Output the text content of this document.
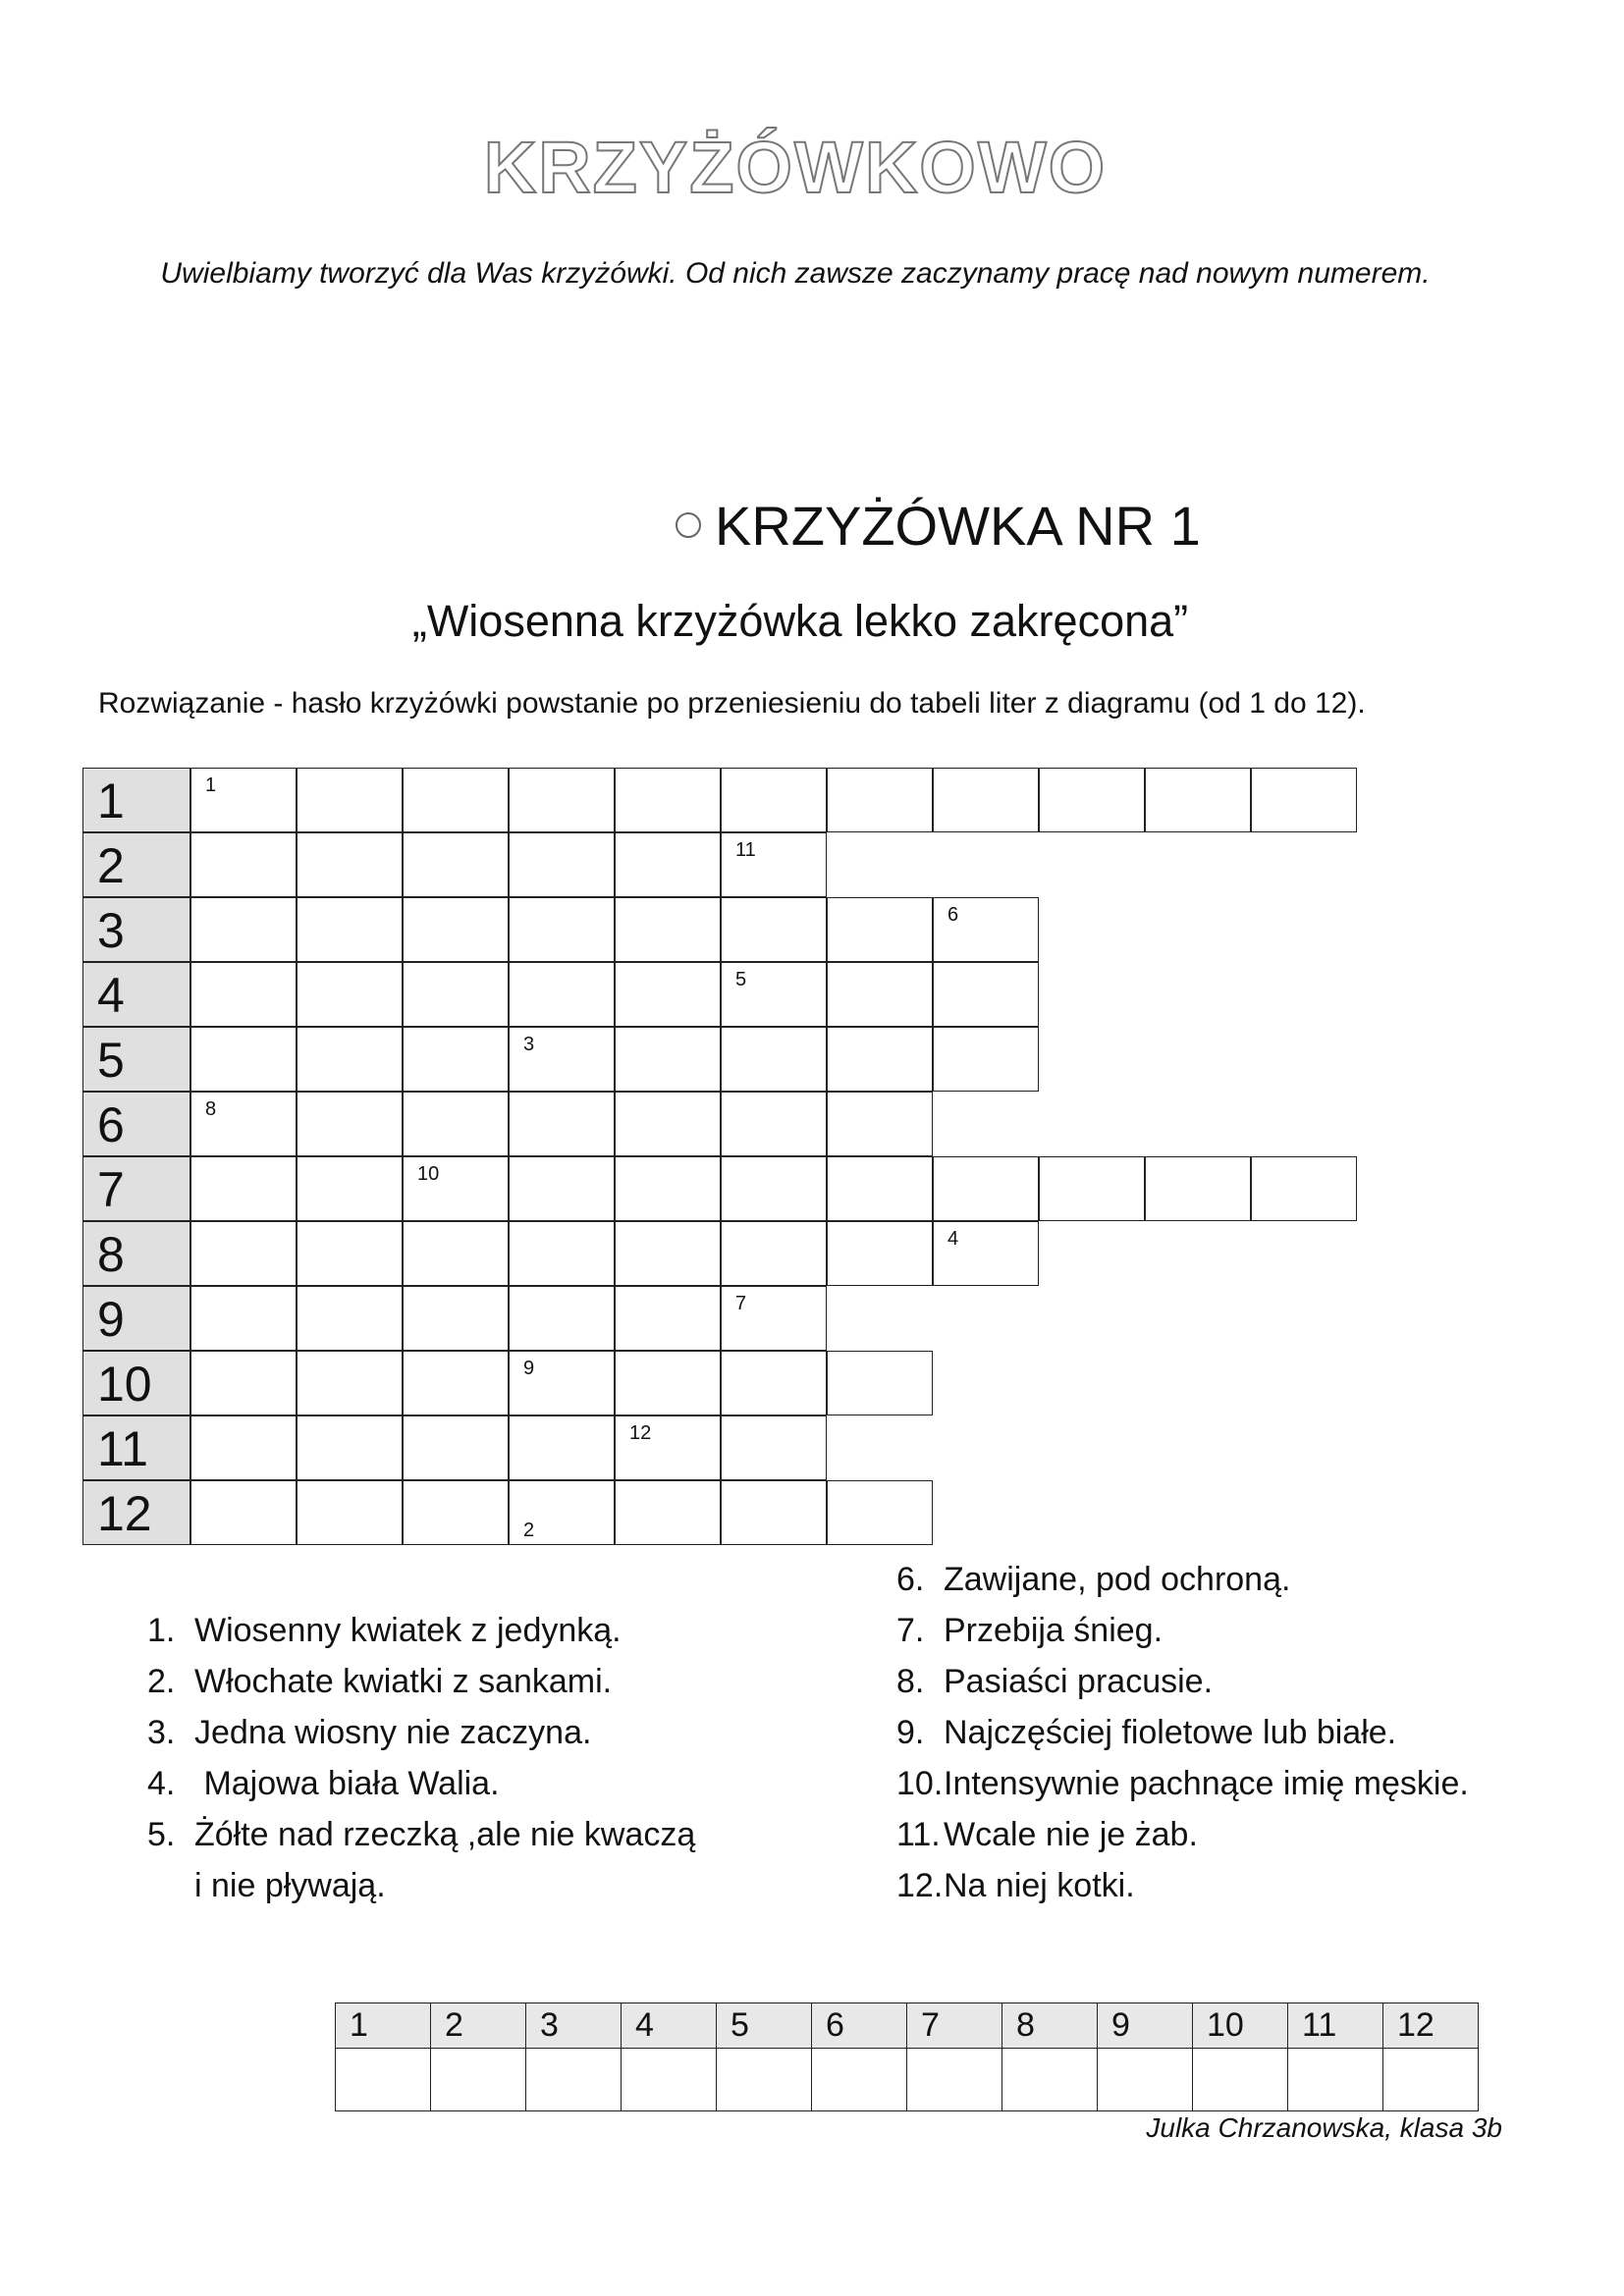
KRZYŻÓWKOWO
Uwielbiamy tworzyć dla Was krzyżówki. Od nich zawsze zaczynamy pracę nad nowym numerem.
KRZYŻÓWKA NR 1
„Wiosenna krzyżówka lekko zakręcona”
Rozwiązanie - hasło krzyżówki powstanie po przeniesieniu do tabeli liter z diagramu (od 1 do 12).
1	1
2	11
3	6
4	5
5	3
6	8
7	10
8	4
9	7
10	9
11	12
12	2
1. Wiosenny kwiatek z jedynką.
2. Włochate kwiatki z sankami.
3. Jedna wiosny nie zaczyna.
4. Majowa biała Walia.
5. Żółte nad rzeczką ,ale nie kwaczą
i nie pływają.
6. Zawijane, pod ochroną.
7. Przebija śnieg.
8. Pasiaści pracusie.
9. Najczęściej fioletowe lub białe.
10.Intensywnie pachnące imię męskie.
11.Wcale nie je żab.
12.Na niej kotki.
1	2	3	4	5	6	7	8	9	10	11	12

Julka Chrzanowska, klasa 3b
